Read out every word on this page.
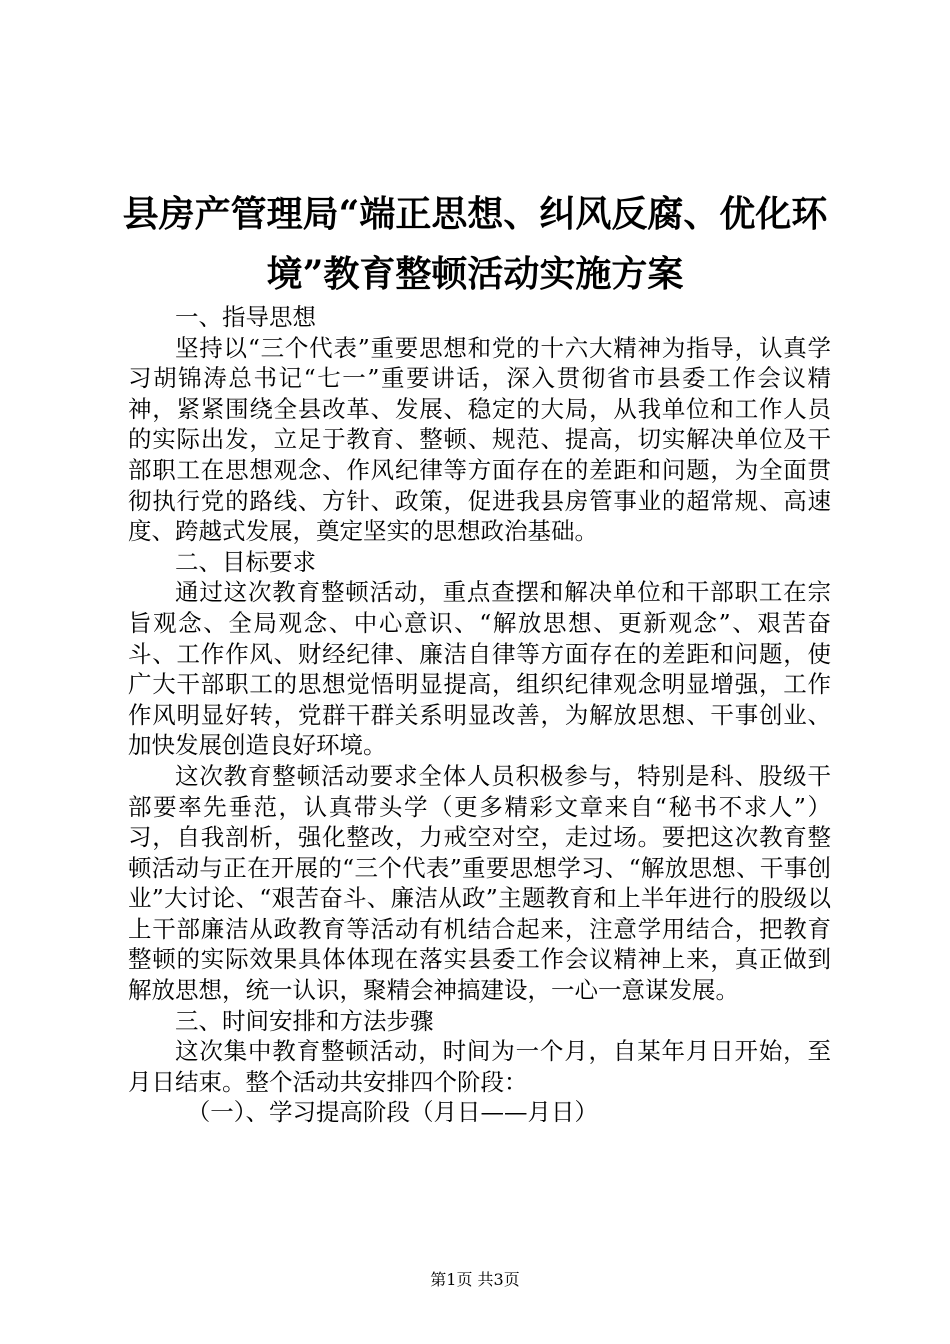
县房产管理局“端正思想、纠风反腐、优化环
境”教育整顿活动实施方案

一、指导思想

坚持以“三个代表”重要思想和党的十六大精神为指导，认真学习胡锦涛总书记“七一”重要讲话，深入贯彻省市县委工作会议精神，紧紧围绕全县改革、发展、稳定的大局，从我单位和工作人员的实际出发，立足于教育、整顿、规范、提高，切实解决单位及干部职工在思想观念、作风纪律等方面存在的差距和问题，为全面贯彻执行党的路线、方针、政策，促进我县房管事业的超常规、高速度、跨越式发展，奠定坚实的思想政治基础。

二、目标要求

通过这次教育整顿活动，重点查摆和解决单位和干部职工在宗旨观念、全局观念、中心意识、“解放思想、更新观念”、艰苦奋斗、工作作风、财经纪律、廉洁自律等方面存在的差距和问题，使广大干部职工的思想觉悟明显提高，组织纪律观念明显增强，工作作风明显好转，党群干群关系明显改善，为解放思想、干事创业、加快发展创造良好环境。

这次教育整顿活动要求全体人员积极参与，特别是科、股级干部要率先垂范，认真带头学（更多精彩文章来自“秘书不求人”）习，自我剖析，强化整改，力戒空对空，走过场。要把这次教育整顿活动与正在开展的“三个代表”重要思想学习、“解放思想、干事创业”大讨论、“艰苦奋斗、廉洁从政”主题教育和上半年进行的股级以上干部廉洁从政教育等活动有机结合起来，注意学用结合，把教育整顿的实际效果具体体现在落实县委工作会议精神上来，真正做到解放思想，统一认识，聚精会神搞建设，一心一意谋发展。

三、时间安排和方法步骤

这次集中教育整顿活动，时间为一个月，自某年月日开始，至月日结束。整个活动共安排四个阶段：

（一）、学习提高阶段（月日——月日）

第1页 共3页
